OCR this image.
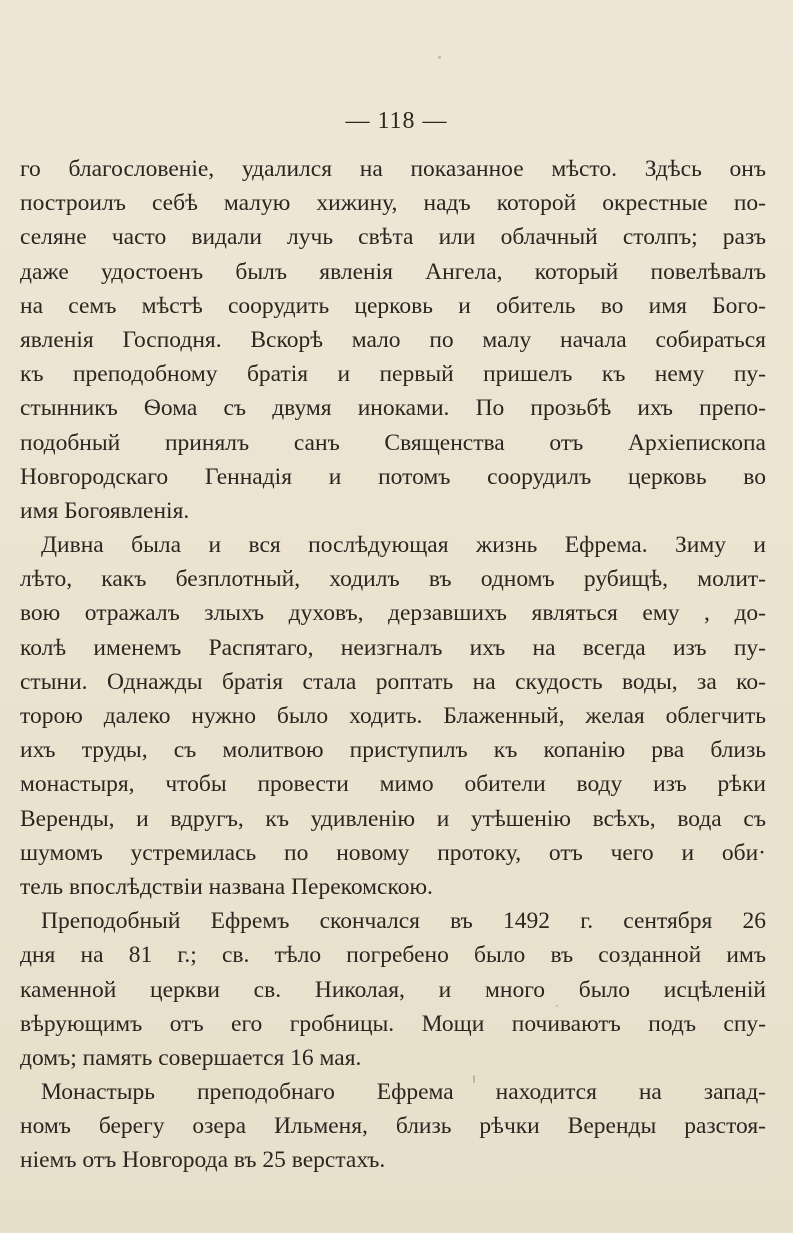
— 118 —
го благословеніе, удалился на показанное мѣсто. Здѣсь онъ
построилъ себѣ малую хижину, надъ которой окрестные по-
селяне часто видали лучь свѣта или облачный столпъ; разъ
даже удостоенъ былъ явленія Ангела, который повелѣвалъ
на семъ мѣстѣ соорудить церковь и обитель во имя Бого-
явленія Господня. Вскорѣ мало по малу начала собираться
къ преподобному братія и первый пришелъ къ нему пу-
стынникъ Ѳома съ двумя иноками. По прозьбѣ ихъ препо-
подобный принялъ санъ Священства отъ Архіепископа
Новгородскаго Геннадія и потомъ соорудилъ церковь во
имя Богоявленія.
Дивна была и вся послѣдующая жизнь Ефрема. Зиму и
лѣто, какъ безплотный, ходилъ въ одномъ рубищѣ, молит-
вою отражалъ злыхъ духовъ, дерзавшихъ являться ему , до-
колѣ именемъ Распятаго, неизгналъ ихъ на всегда изъ пу-
стыни. Однажды братія стала роптать на скудость воды, за ко-
торою далеко нужно было ходить. Блаженный, желая облегчить
ихъ труды, съ молитвою приступилъ къ копанію рва близь
монастыря, чтобы провести мимо обители воду изъ рѣки
Веренды, и вдругъ, къ удивленію и утѣшенію всѣхъ, вода съ
шумомъ устремилась по новому протоку, отъ чего и оби·
тель впослѣдствіи названа Перекомскою.
Преподобный Ефремъ скончался въ 1492 г. сентября 26
дня на 81 г.; св. тѣло погребено было въ созданной имъ
каменной церкви св. Николая, и много было исцѣленій
вѣрующимъ отъ его гробницы. Мощи почиваютъ подъ спу-
домъ; память совершается 16 мая.
Монастырь преподобнаго Ефрема находится на запад-
номъ берегу озера Ильменя, близь рѣчки Веренды разстоя-
ніемъ отъ Новгорода въ 25 верстахъ.
